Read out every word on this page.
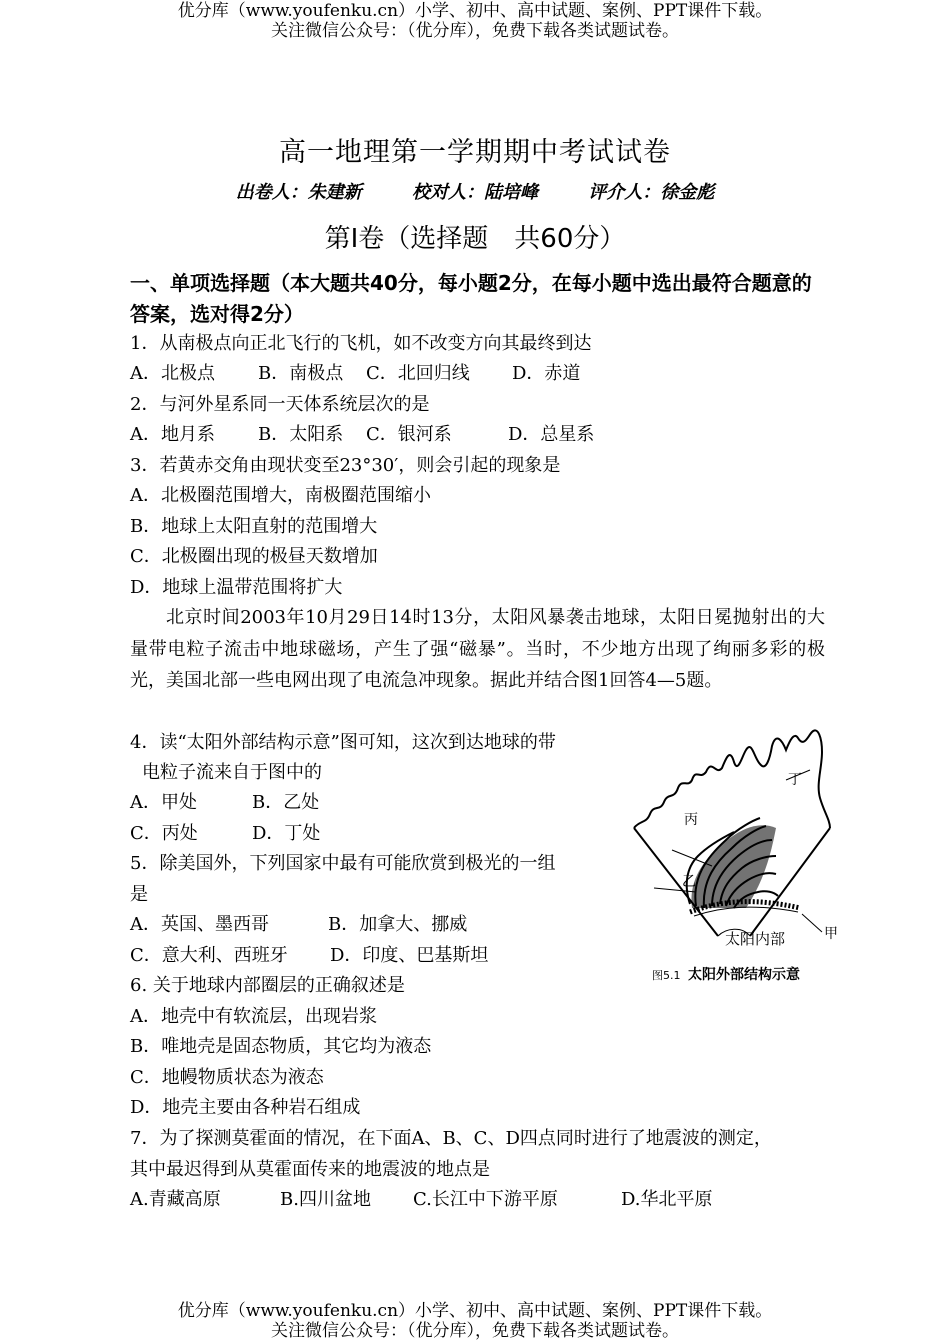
优分库（www.youfenku.cn）小学、初中、高中试题、案例、PPT课件下载。
关注微信公众号：（优分库），免费下载各类试题试卷。
高一地理第一学期期中考试试卷
出卷人：朱建新	校对人：陆培峰	评介人：徐金彪
第Ⅰ卷（选择题　共60分）
一、单项选择题（本大题共40分，每小题2分，在每小题中选出最符合题意的答案，选对得2分）
1．从南极点向正北飞行的飞机，如不改变方向其最终到达
A．北极点 B．南极点 C．北回归线 D．赤道
2．与河外星系同一天体系统层次的是
A．地月系 B．太阳系 C．银河系	D．总星系
3．若黄赤交角由现状变至23°30′，则会引起的现象是
A．北极圈范围增大，南极圈范围缩小
B．地球上太阳直射的范围增大
C．北极圈出现的极昼天数增加
D．地球上温带范围将扩大
北京时间2003年10月29日14时13分，太阳风暴袭击地球，太阳日冕抛射出的大量带电粒子流击中地球磁场，产生了强“磁暴”。当时，不少地方出现了绚丽多彩的极光，美国北部一些电网出现了电流急冲现象。据此并结合图1回答4—5题。
4．读“太阳外部结构示意”图可知，这次到达地球的带
电粒子流来自于图中的
A．甲处	B．乙处
C．丙处	D．丁处
5．除美国外，下列国家中最有可能欣赏到极光的一组
是
A．英国、墨西哥	B．加拿大、挪威
C．意大利、西班牙 D．印度、巴基斯坦
6. 关于地球内部圈层的正确叙述是
A．地壳中有软流层，出现岩浆
B．唯地壳是固态物质，其它均为液态
C．地幔物质状态为液态
D．地壳主要由各种岩石组成
7．为了探测莫霍面的情况，在下面A、B、C、D四点同时进行了地震波的测定，
其中最迟得到从莫霍面传来的地震波的地点是
A.青藏高原	B.四川盆地 C.长江中下游平原	D.华北平原
丙
乙
丁
甲
太阳内部
图5.1 太阳外部结构示意
优分库（www.youfenku.cn）小学、初中、高中试题、案例、PPT课件下载。
关注微信公众号：（优分库），免费下载各类试题试卷。
